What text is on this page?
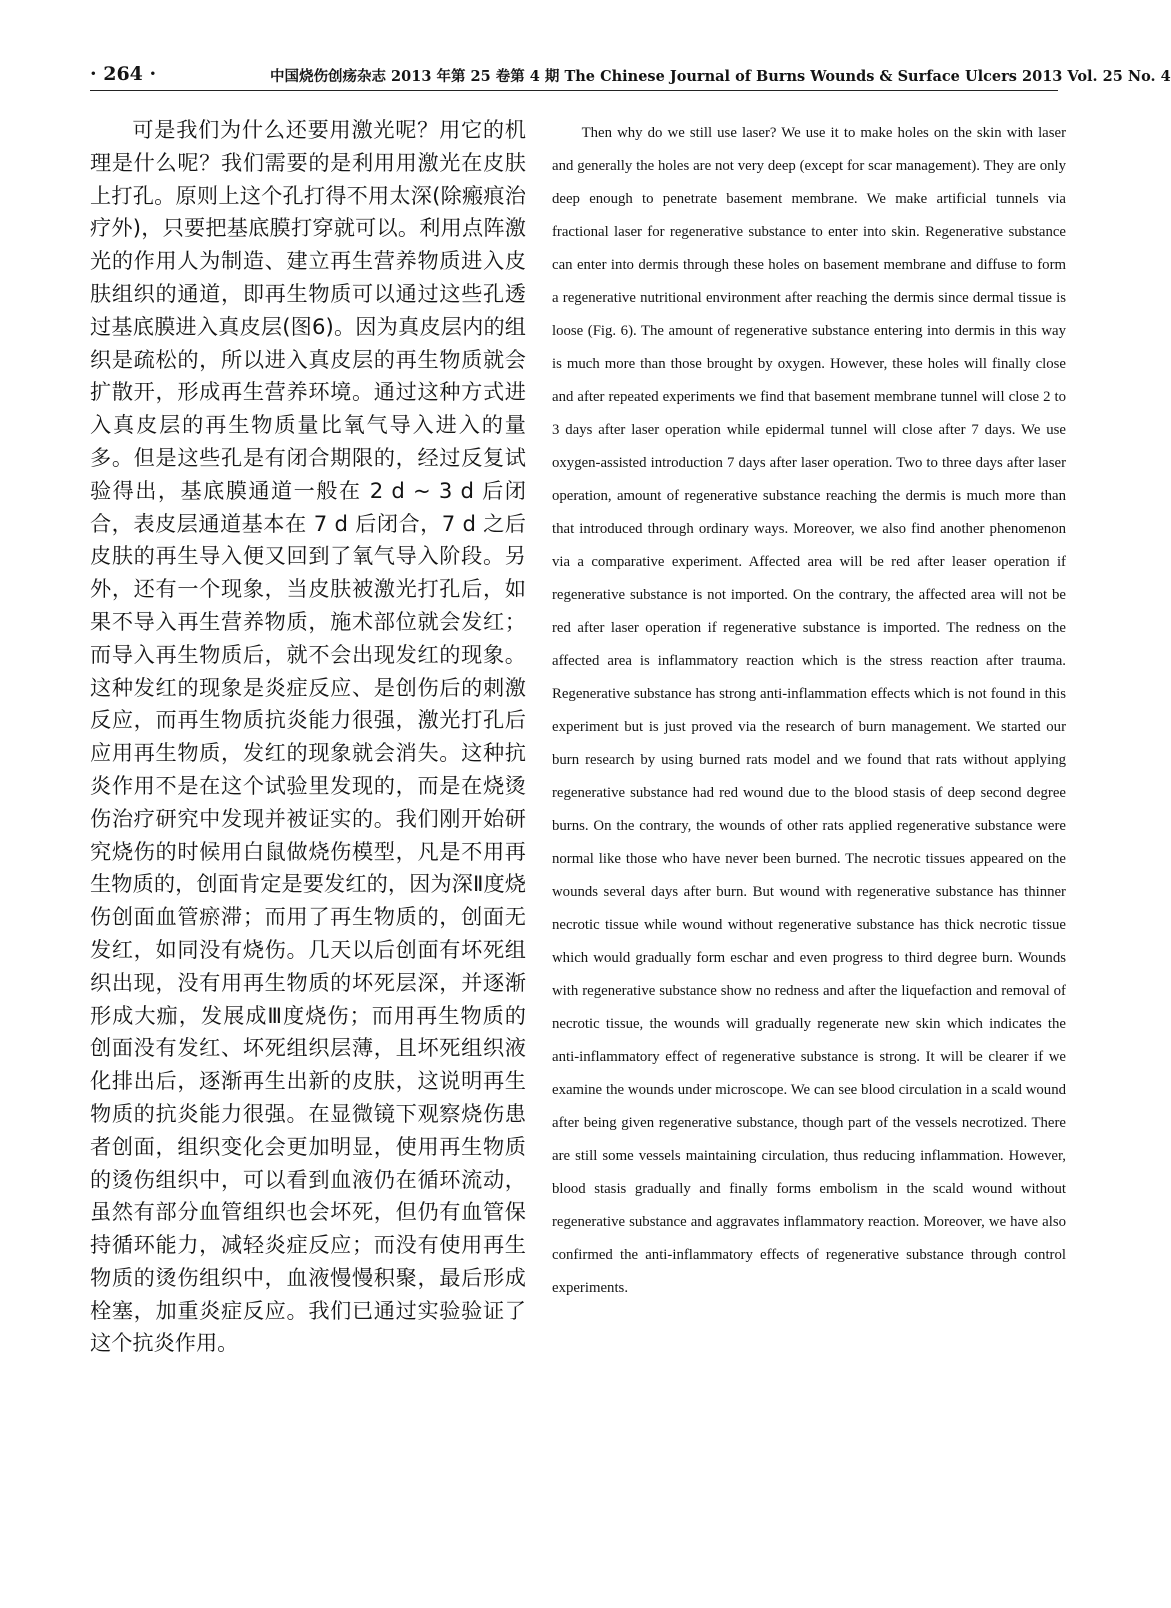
· 264 ·	中国烧伤创疡杂志 2013 年第 25 卷第 4 期 The Chinese Journal of Burns Wounds & Surface Ulcers 2013 Vol. 25 No. 4

可是我们为什么还要用激光呢？用它的机理是什么呢？我们需要的是利用用激光在皮肤上打孔。原则上这个孔打得不用太深(除瘢痕治疗外)，只要把基底膜打穿就可以。利用点阵激光的作用人为制造、建立再生营养物质进入皮肤组织的通道，即再生物质可以通过这些孔透过基底膜进入真皮层(图6)。因为真皮层内的组织是疏松的，所以进入真皮层的再生物质就会扩散开，形成再生营养环境。通过这种方式进入真皮层的再生物质量比氧气导入进入的量多。但是这些孔是有闭合期限的，经过反复试验得出，基底膜通道一般在 2 d ~ 3 d 后闭合，表皮层通道基本在 7 d 后闭合，7 d 之后皮肤的再生导入便又回到了氧气导入阶段。另外，还有一个现象，当皮肤被激光打孔后，如果不导入再生营养物质，施术部位就会发红；而导入再生物质后，就不会出现发红的现象。这种发红的现象是炎症反应、是创伤后的刺激反应，而再生物质抗炎能力很强，激光打孔后应用再生物质，发红的现象就会消失。这种抗炎作用不是在这个试验里发现的，而是在烧烫伤治疗研究中发现并被证实的。我们刚开始研究烧伤的时候用白鼠做烧伤模型，凡是不用再生物质的，创面肯定是要发红的，因为深Ⅱ度烧伤创面血管瘀滞；而用了再生物质的，创面无发红，如同没有烧伤。几天以后创面有坏死组织出现，没有用再生物质的坏死层深，并逐渐形成大痂，发展成Ⅲ度烧伤；而用再生物质的创面没有发红、坏死组织层薄，且坏死组织液化排出后，逐渐再生出新的皮肤，这说明再生物质的抗炎能力很强。在显微镜下观察烧伤患者创面，组织变化会更加明显，使用再生物质的烫伤组织中，可以看到血液仍在循环流动，虽然有部分血管组织也会坏死，但仍有血管保持循环能力，减轻炎症反应；而没有使用再生物质的烫伤组织中，血液慢慢积聚，最后形成栓塞，加重炎症反应。我们已通过实验验证了这个抗炎作用。

Then why do we still use laser? We use it to make holes on the skin with laser and generally the holes are not very deep (except for scar management). They are only deep enough to penetrate basement membrane. We make artificial tunnels via fractional laser for regenerative substance to enter into skin. Regenerative substance can enter into dermis through these holes on basement membrane and diffuse to form a regenerative nutritional environment after reaching the dermis since dermal tissue is loose (Fig. 6). The amount of regenerative substance entering into dermis in this way is much more than those brought by oxygen. However, these holes will finally close and after repeated experiments we find that basement membrane tunnel will close 2 to 3 days after laser operation while epidermal tunnel will close after 7 days. We use oxygen-assisted introduction 7 days after laser operation. Two to three days after laser operation, amount of regenerative substance reaching the dermis is much more than that introduced through ordinary ways. Moreover, we also find another phenomenon via a comparative experiment. Affected area will be red after leaser operation if regenerative substance is not imported. On the contrary, the affected area will not be red after laser operation if regenerative substance is imported. The redness on the affected area is inflammatory reaction which is the stress reaction after trauma. Regenerative substance has strong anti-inflammation effects which is not found in this experiment but is just proved via the research of burn management. We started our burn research by using burned rats model and we found that rats without applying regenerative substance had red wound due to the blood stasis of deep second degree burns. On the contrary, the wounds of other rats applied regenerative substance were normal like those who have never been burned. The necrotic tissues appeared on the wounds several days after burn. But wound with regenerative substance has thinner necrotic tissue while wound without regenerative substance has thick necrotic tissue which would gradually form eschar and even progress to third degree burn. Wounds with regenerative substance show no redness and after the liquefaction and removal of necrotic tissue, the wounds will gradually regenerate new skin which indicates the anti-inflammatory effect of regenerative substance is strong. It will be clearer if we examine the wounds under microscope. We can see blood circulation in a scald wound after being given regenerative substance, though part of the vessels necrotized. There are still some vessels maintaining circulation, thus reducing inflammation. However, blood stasis gradually and finally forms embolism in the scald wound without regenerative substance and aggravates inflammatory reaction. Moreover, we have also confirmed the anti-inflammatory effects of regenerative substance through control experiments.
